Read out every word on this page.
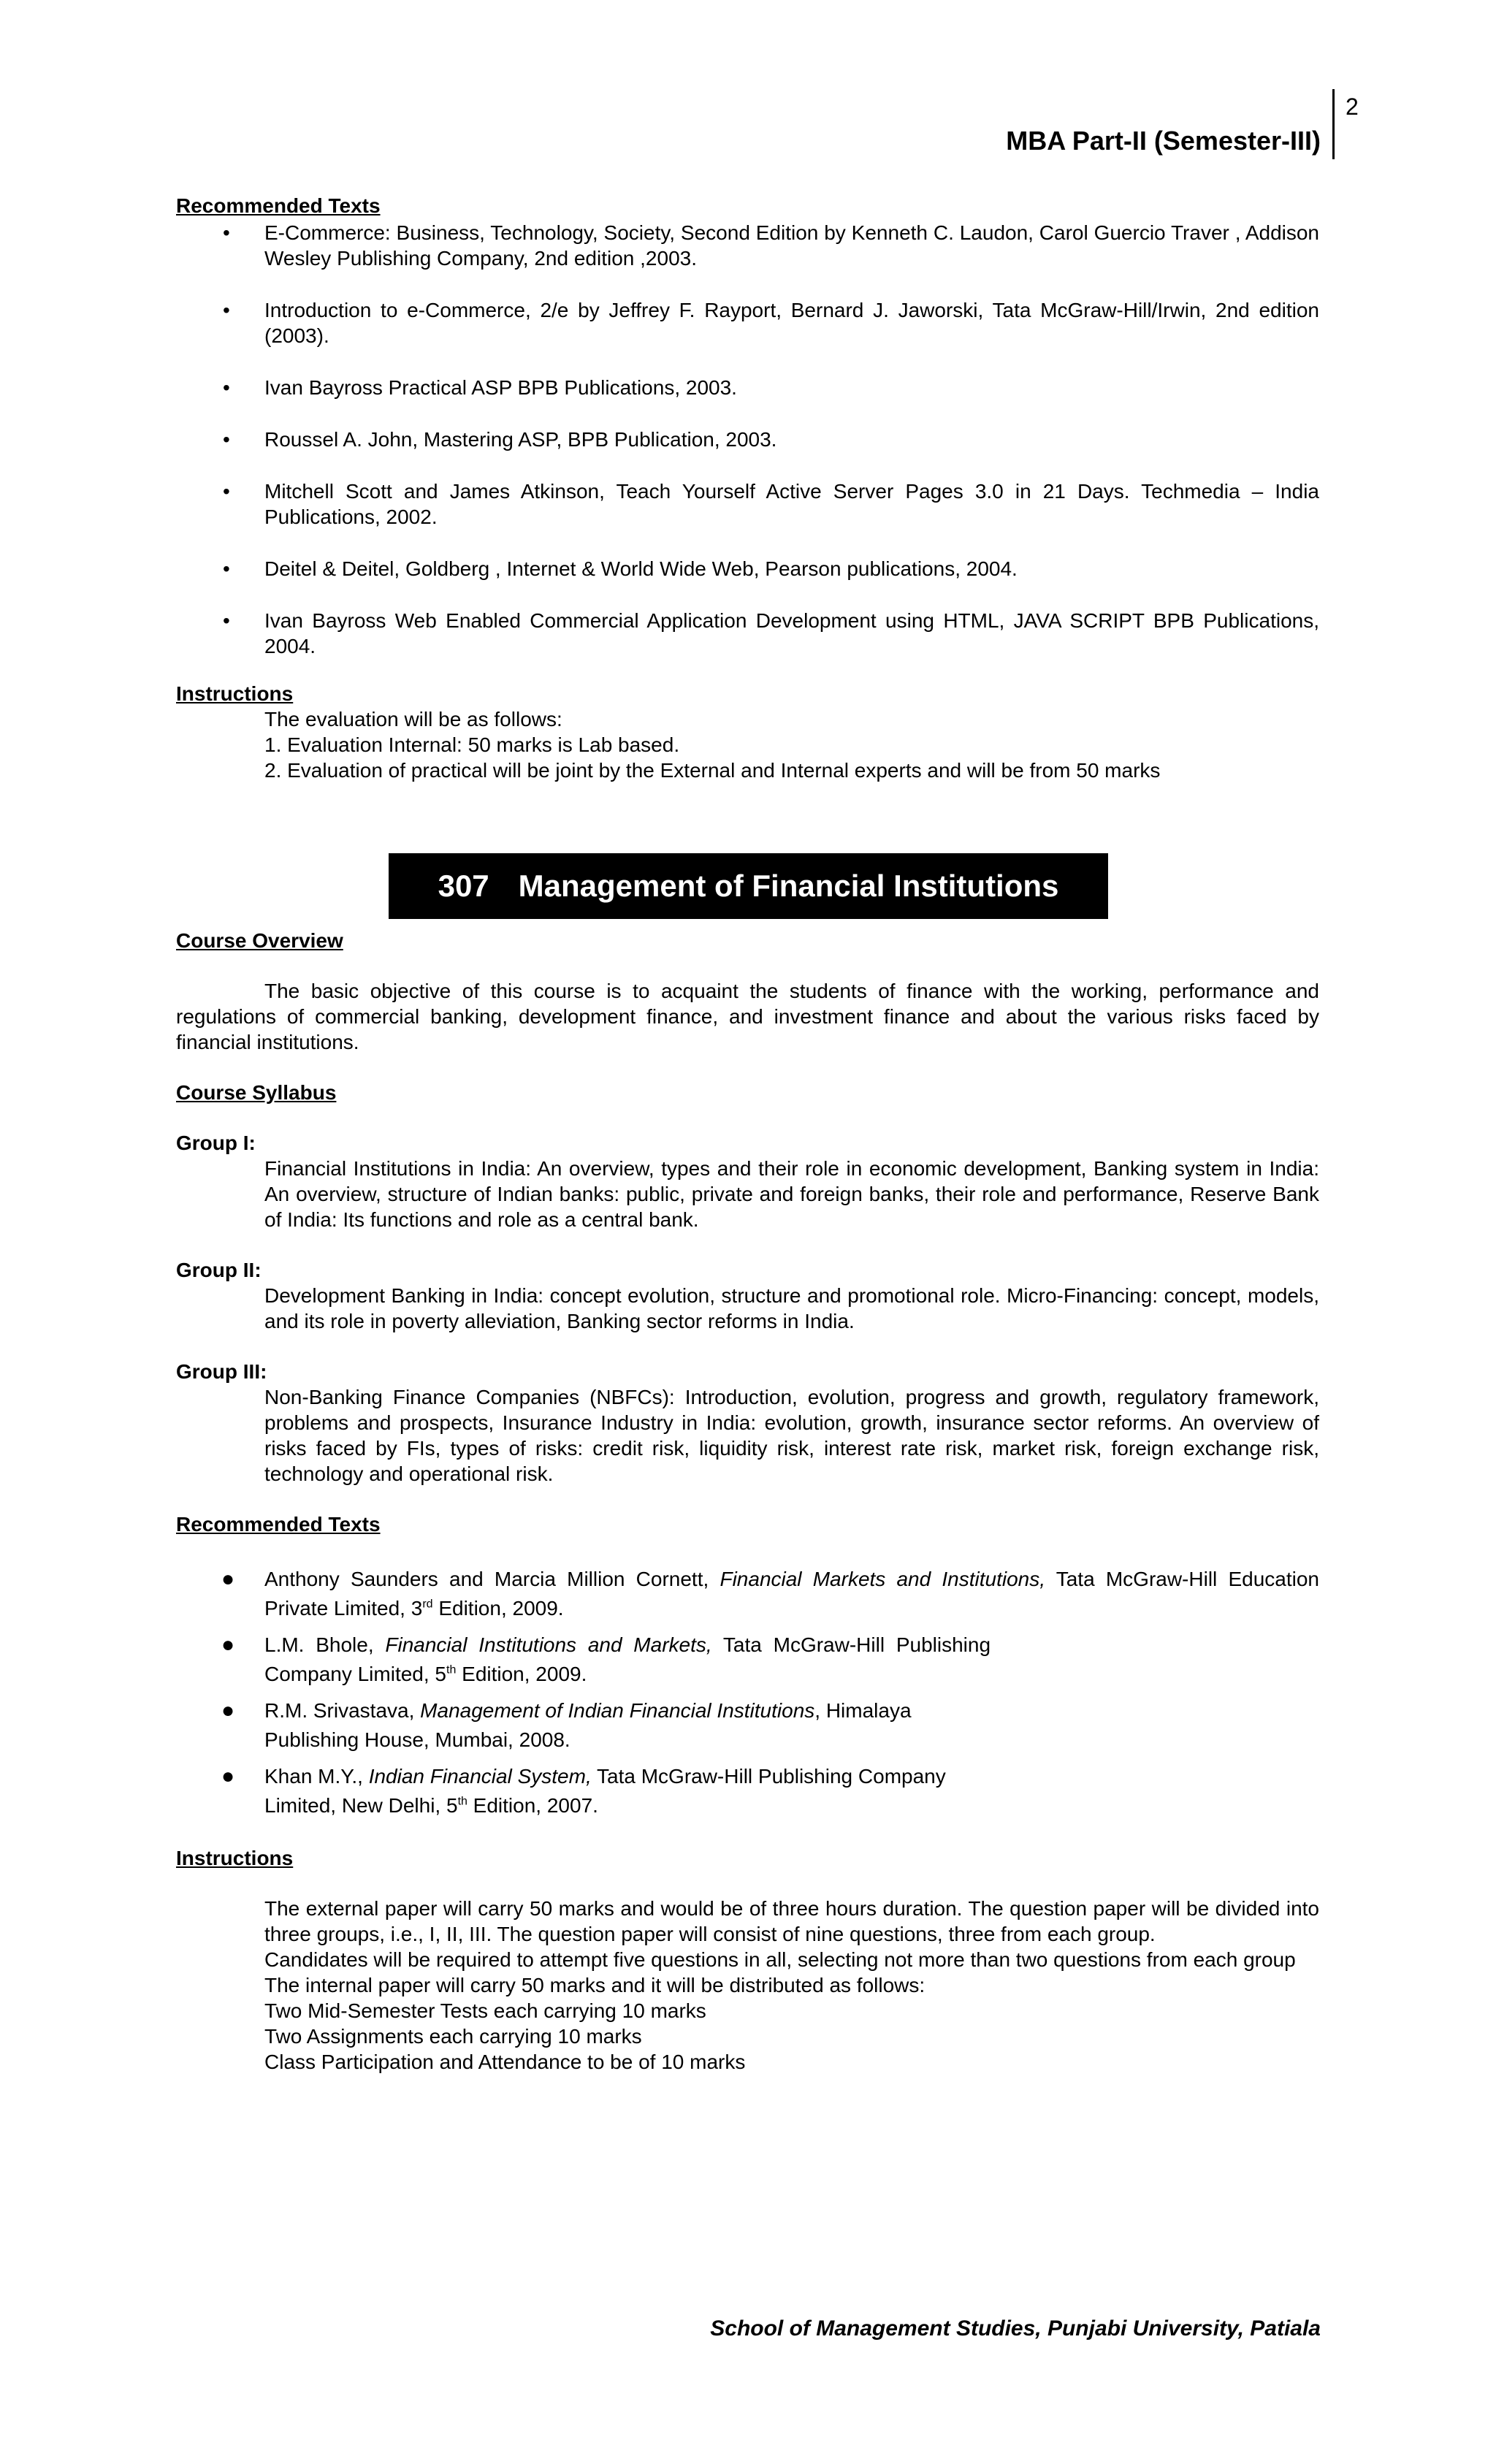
2
MBA Part-II (Semester-III)
Recommended Texts
• E-Commerce: Business, Technology, Society, Second Edition by Kenneth C. Laudon, Carol Guercio Traver , Addison Wesley Publishing Company, 2nd edition ,2003.
• Introduction to e-Commerce, 2/e by Jeffrey F. Rayport, Bernard J. Jaworski, Tata McGraw-Hill/Irwin, 2nd edition (2003).
• Ivan Bayross Practical ASP BPB Publications, 2003.
• Roussel A. John, Mastering ASP, BPB Publication, 2003.
• Mitchell Scott and James Atkinson, Teach Yourself Active Server Pages 3.0 in 21 Days. Techmedia – India Publications, 2002.
• Deitel & Deitel, Goldberg , Internet & World Wide Web, Pearson publications, 2004.
• Ivan Bayross Web Enabled Commercial Application Development using HTML, JAVA SCRIPT BPB Publications, 2004.
Instructions

The evaluation will be as follows:

1. Evaluation Internal: 50 marks is Lab based.

2. Evaluation of practical will be joint by the External and Internal experts and will be from 50 marks

307 Management of Financial Institutions
Course Overview

The basic objective of this course is to acquaint the students of finance with the working, performance and regulations of commercial banking, development finance, and investment finance and about the various risks faced by financial institutions.

Course Syllabus
Group I:

Financial Institutions in India: An overview, types and their role in economic development, Banking system in India: An overview, structure of Indian banks: public, private and foreign banks, their role and performance, Reserve Bank of India: Its functions and role as a central bank.

Group II:

Development Banking in India: concept evolution, structure and promotional role. Micro-Financing: concept, models, and its role in poverty alleviation, Banking sector reforms in India.

Group III:

Non-Banking Finance Companies (NBFCs): Introduction, evolution, progress and growth, regulatory framework, problems and prospects, Insurance Industry in India: evolution, growth, insurance sector reforms. An overview of risks faced by FIs, types of risks: credit risk, liquidity risk, interest rate risk, market risk, foreign exchange risk, technology and operational risk.

Recommended Texts
● Anthony Saunders and Marcia Million Cornett, Financial Markets and Institutions, Tata McGraw-Hill Education Private Limited, 3rd Edition, 2009.
● L.M. Bhole, Financial Institutions and Markets, Tata McGraw-Hill Publishing Company Limited, 5th Edition, 2009.
● R.M. Srivastava, Management of Indian Financial Institutions, Himalaya Publishing House, Mumbai, 2008.
● Khan M.Y., Indian Financial System, Tata McGraw-Hill Publishing Company Limited, New Delhi, 5th Edition, 2007.
Instructions

The external paper will carry 50 marks and would be of three hours duration. The question paper will be divided into three groups, i.e., I, II, III. The question paper will consist of nine questions, three from each group.

Candidates will be required to attempt five questions in all, selecting not more than two questions from each group

The internal paper will carry 50 marks and it will be distributed as follows:

Two Mid-Semester Tests each carrying 10 marks

Two Assignments each carrying 10 marks

Class Participation and Attendance to be of 10 marks

School of Management Studies, Punjabi University, Patiala
